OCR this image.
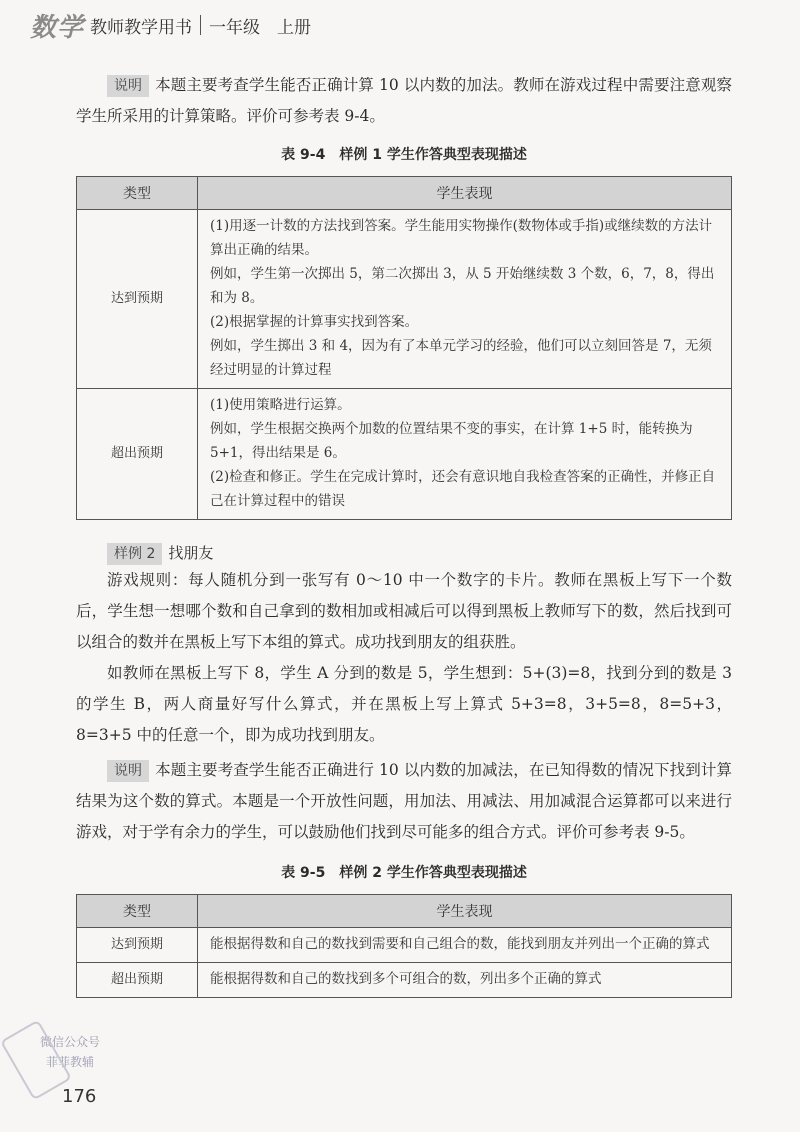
数学 教师教学用书 一年级　上册

说明 本题主要考查学生能否正确计算 10 以内数的加法。教师在游戏过程中需要注意观察学生所采用的计算策略。评价可参考表 9-4。

表 9-4　样例 1 学生作答典型表现描述
类型	学生表现
达到预期	(1)用逐一计数的方法找到答案。学生能用实物操作(数物体或手指)或继续数的方法计算出正确的结果。
例如，学生第一次掷出 5，第二次掷出 3，从 5 开始继续数 3 个数，6，7，8，得出和为 8。
(2)根据掌握的计算事实找到答案。
例如，学生掷出 3 和 4，因为有了本单元学习的经验，他们可以立刻回答是 7，无须经过明显的计算过程

超出预期	(1)使用策略进行运算。
例如，学生根据交换两个加数的位置结果不变的事实，在计算 1+5 时，能转换为 5+1，得出结果是 6。
(2)检查和修正。学生在完成计算时，还会有意识地自我检查答案的正确性，并修正自己在计算过程中的错误
样例 2 找朋友

游戏规则：每人随机分到一张写有 0～10 中一个数字的卡片。教师在黑板上写下一个数后，学生想一想哪个数和自己拿到的数相加或相减后可以得到黑板上教师写下的数，然后找到可以组合的数并在黑板上写下本组的算式。成功找到朋友的组获胜。

如教师在黑板上写下 8，学生 A 分到的数是 5，学生想到：5+(3)=8，找到分到的数是 3 的学生 B，两人商量好写什么算式，并在黑板上写上算式 5+3=8，3+5=8，8=5+3，8=3+5 中的任意一个，即为成功找到朋友。

说明 本题主要考查学生能否正确进行 10 以内数的加减法，在已知得数的情况下找到计算结果为这个数的算式。本题是一个开放性问题，用加法、用减法、用加减混合运算都可以来进行游戏，对于学有余力的学生，可以鼓励他们找到尽可能多的组合方式。评价可参考表 9-5。

表 9-5　样例 2 学生作答典型表现描述
类型	学生表现
达到预期	能根据得数和自己的数找到需要和自己组合的数，能找到朋友并列出一个正确的算式

超出预期	能根据得数和自己的数找到多个可组合的数，列出多个正确的算式
微信公众号
菲菲教辅
176
